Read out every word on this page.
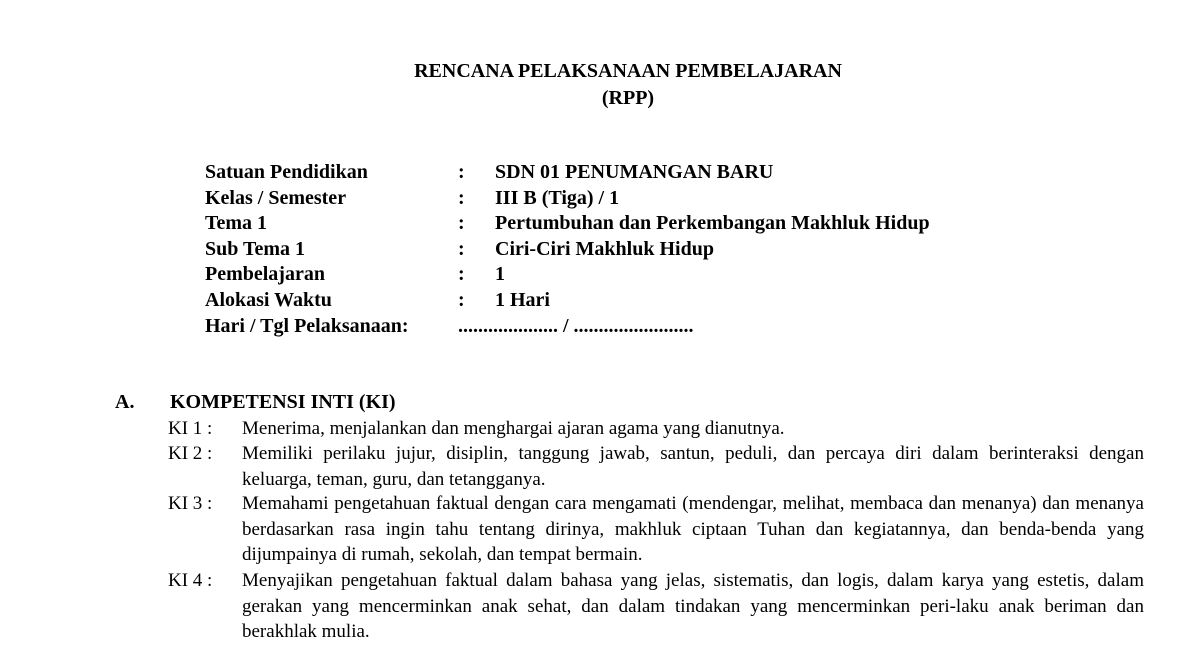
RENCANA PELAKSANAAN PEMBELAJARAN
(RPP)
Satuan Pendidikan	: SDN 01 PENUMANGAN BARU
Kelas / Semester	: III B (Tiga) / 1
Tema 1	: Pertumbuhan dan Perkembangan Makhluk Hidup
Sub Tema 1	: Ciri-Ciri Makhluk Hidup
Pembelajaran	: 1
Alokasi Waktu	: 1 Hari
Hari / Tgl Pelaksanaan: .................... / ........................
A. KOMPETENSI INTI (KI)
KI 1 : Menerima, menjalankan dan menghargai ajaran agama yang dianutnya.
KI 2 : Memiliki perilaku jujur, disiplin, tanggung jawab, santun, peduli, dan percaya diri dalam berinteraksi dengan keluarga, teman, guru, dan tetangganya.
KI 3 : Memahami pengetahuan faktual dengan cara mengamati (mendengar, melihat, membaca dan menanya) dan menanya berdasarkan rasa ingin tahu tentang dirinya, makhluk ciptaan Tuhan dan kegiatannya, dan benda-benda yang dijumpainya di rumah, sekolah, dan tempat bermain.
KI 4 : Menyajikan pengetahuan faktual dalam bahasa yang jelas, sistematis, dan logis, dalam karya yang estetis, dalam gerakan yang mencerminkan anak sehat, dan dalam tindakan yang mencerminkan peri-laku anak beriman dan berakhlak mulia.
